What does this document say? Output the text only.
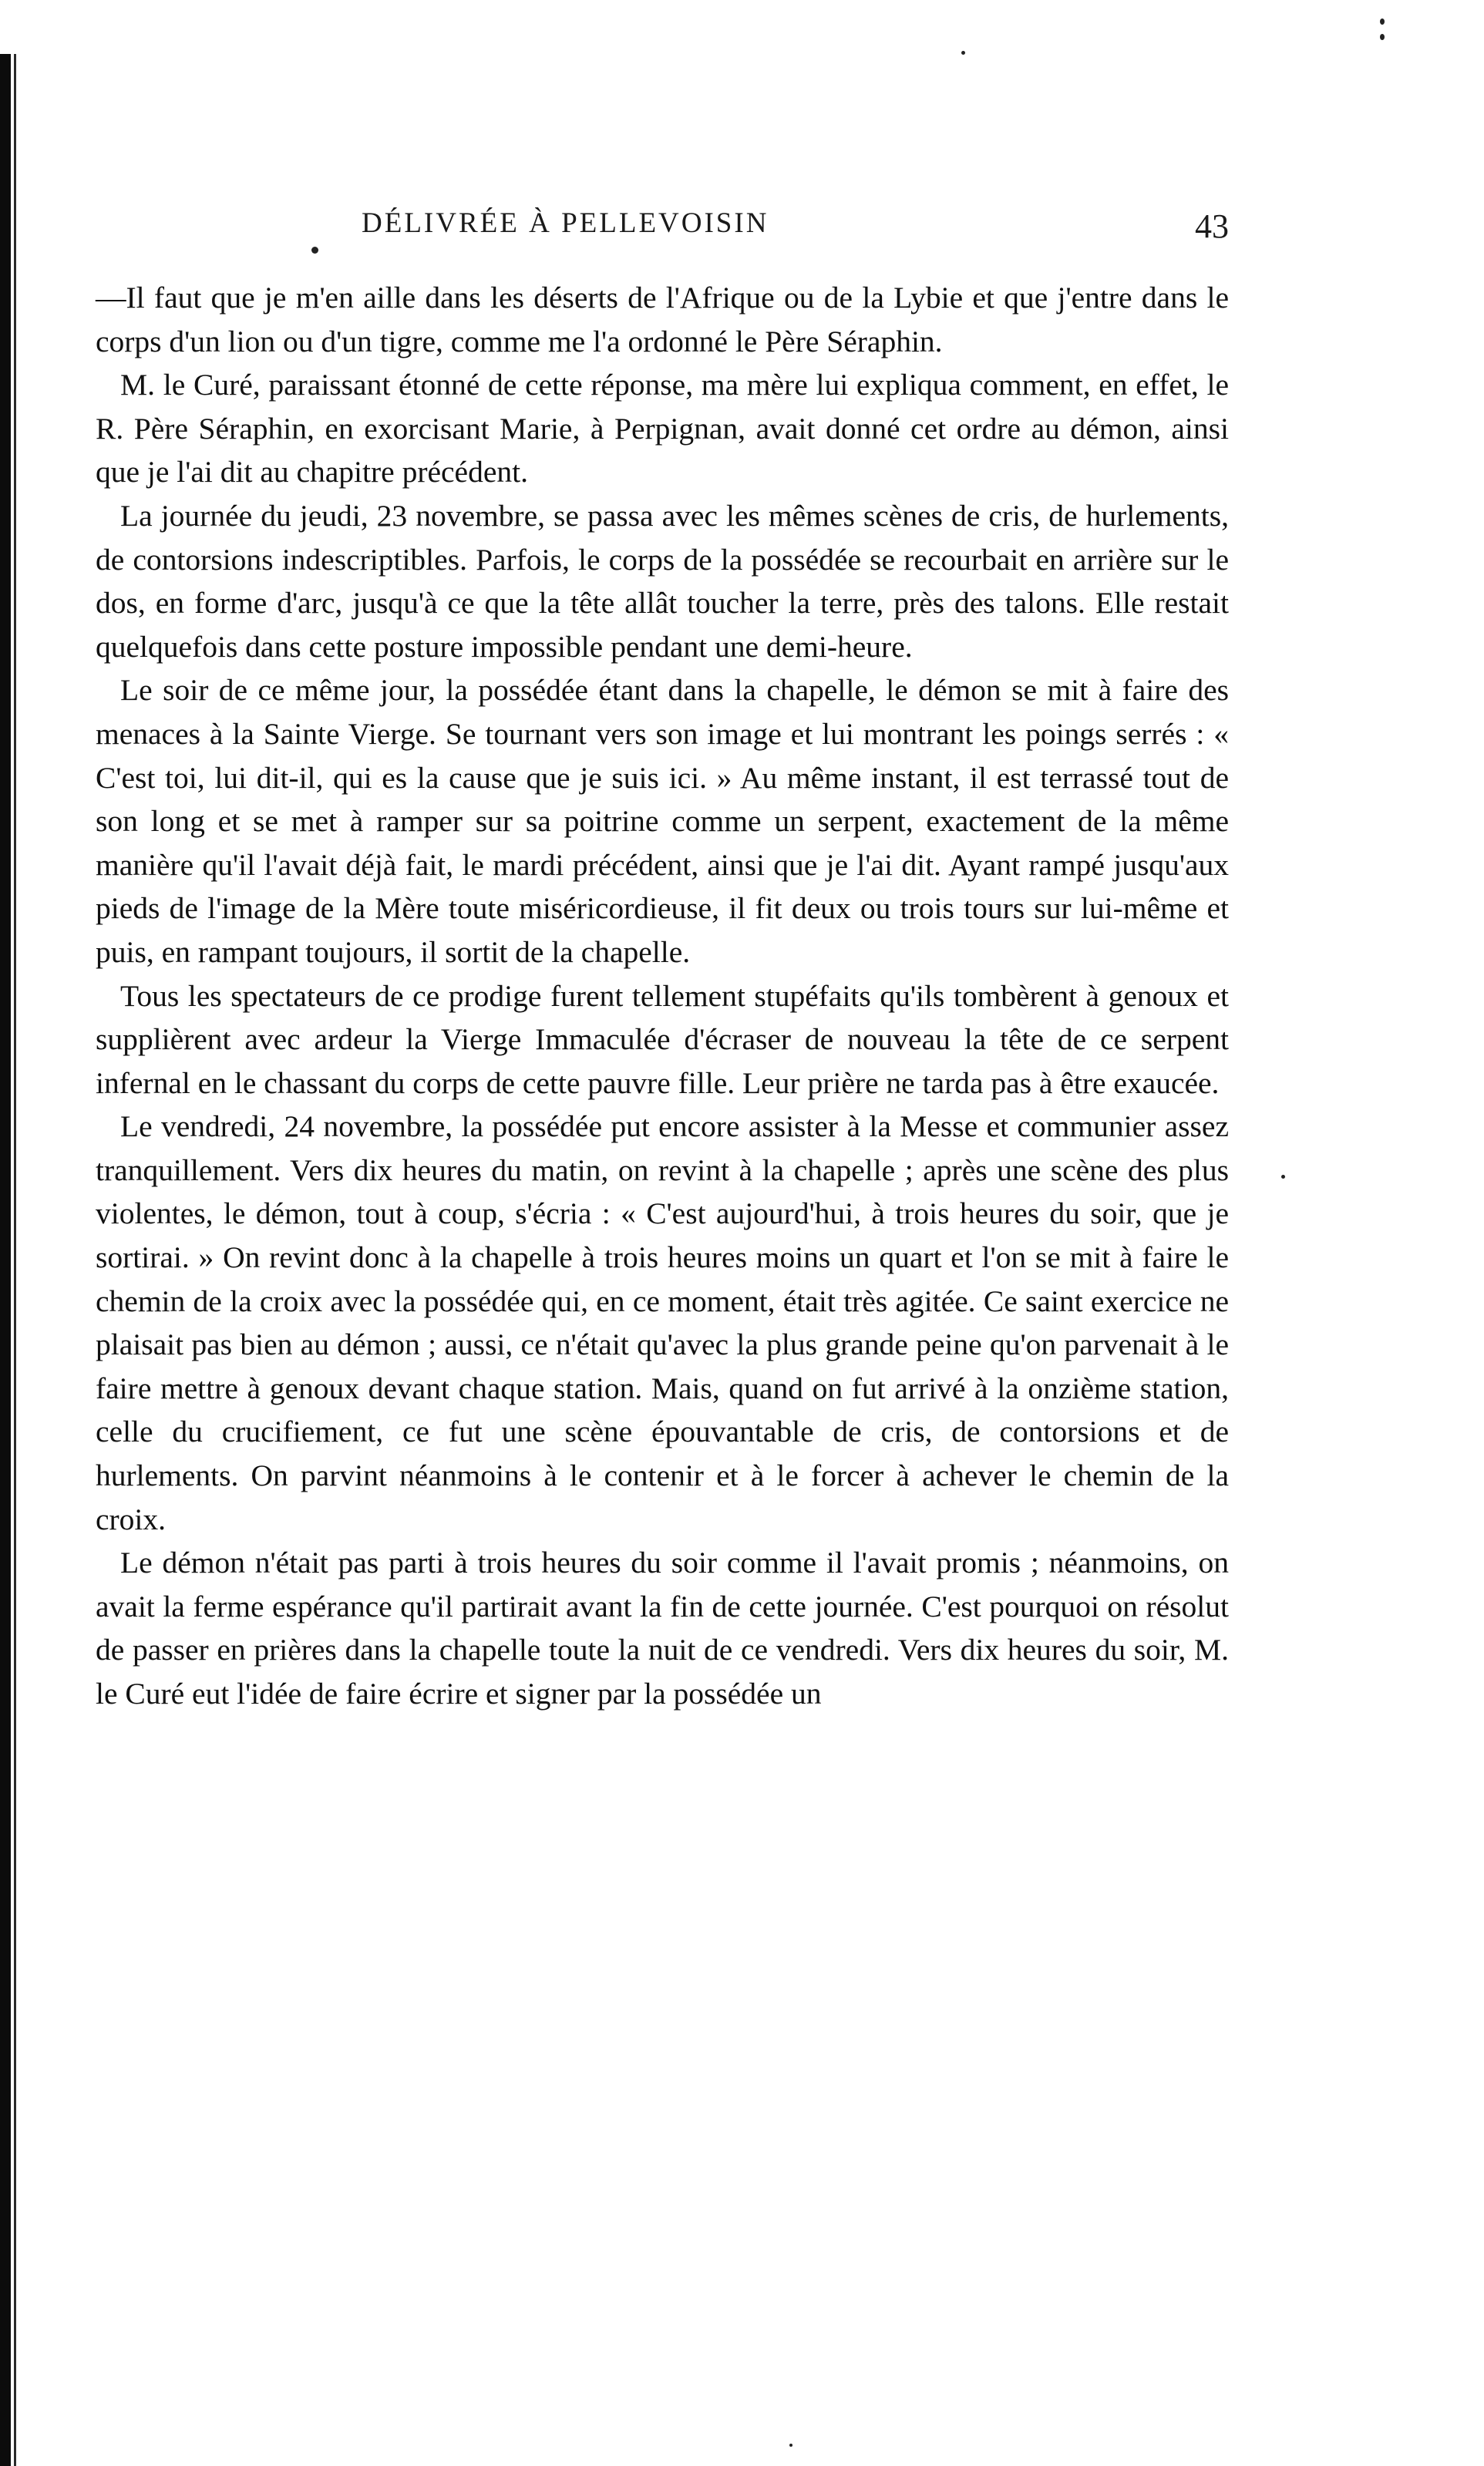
DÉLIVRÉE À PELLEVOISIN	43

—Il faut que je m'en aille dans les déserts de l'Afrique ou de la Lybie et que j'entre dans le corps d'un lion ou d'un tigre, comme me l'a ordonné le Père Séraphin.

M. le Curé, paraissant étonné de cette réponse, ma mère lui expliqua comment, en effet, le R. Père Séraphin, en exorcisant Marie, à Perpignan, avait donné cet ordre au démon, ainsi que je l'ai dit au chapitre précédent.

La journée du jeudi, 23 novembre, se passa avec les mêmes scènes de cris, de hurlements, de contorsions indescriptibles. Parfois, le corps de la possédée se recourbait en arrière sur le dos, en forme d'arc, jusqu'à ce que la tête allât toucher la terre, près des talons. Elle restait quelquefois dans cette posture impossible pendant une demi-heure.

Le soir de ce même jour, la possédée étant dans la chapelle, le démon se mit à faire des menaces à la Sainte Vierge. Se tournant vers son image et lui montrant les poings serrés : « C'est toi, lui dit-il, qui es la cause que je suis ici. » Au même instant, il est terrassé tout de son long et se met à ramper sur sa poitrine comme un serpent, exactement de la même manière qu'il l'avait déjà fait, le mardi précédent, ainsi que je l'ai dit. Ayant rampé jusqu'aux pieds de l'image de la Mère toute miséricordieuse, il fit deux ou trois tours sur lui-même et puis, en rampant toujours, il sortit de la chapelle.

Tous les spectateurs de ce prodige furent tellement stupéfaits qu'ils tombèrent à genoux et supplièrent avec ardeur la Vierge Immaculée d'écraser de nouveau la tête de ce serpent infernal en le chassant du corps de cette pauvre fille. Leur prière ne tarda pas à être exaucée.

Le vendredi, 24 novembre, la possédée put encore assister à la Messe et communier assez tranquillement. Vers dix heures du matin, on revint à la chapelle ; après une scène des plus violentes, le démon, tout à coup, s'écria : « C'est aujourd'hui, à trois heures du soir, que je sortirai. » On revint donc à la chapelle à trois heures moins un quart et l'on se mit à faire le chemin de la croix avec la possédée qui, en ce moment, était très agitée. Ce saint exercice ne plaisait pas bien au démon ; aussi, ce n'était qu'avec la plus grande peine qu'on parvenait à le faire mettre à genoux devant chaque station. Mais, quand on fut arrivé à la onzième station, celle du crucifiement, ce fut une scène épouvantable de cris, de contorsions et de hurlements. On parvint néanmoins à le contenir et à le forcer à achever le chemin de la croix.

Le démon n'était pas parti à trois heures du soir comme il l'avait promis ; néanmoins, on avait la ferme espérance qu'il partirait avant la fin de cette journée. C'est pourquoi on résolut de passer en prières dans la chapelle toute la nuit de ce vendredi. Vers dix heures du soir, M. le Curé eut l'idée de faire écrire et signer par la possédée un
